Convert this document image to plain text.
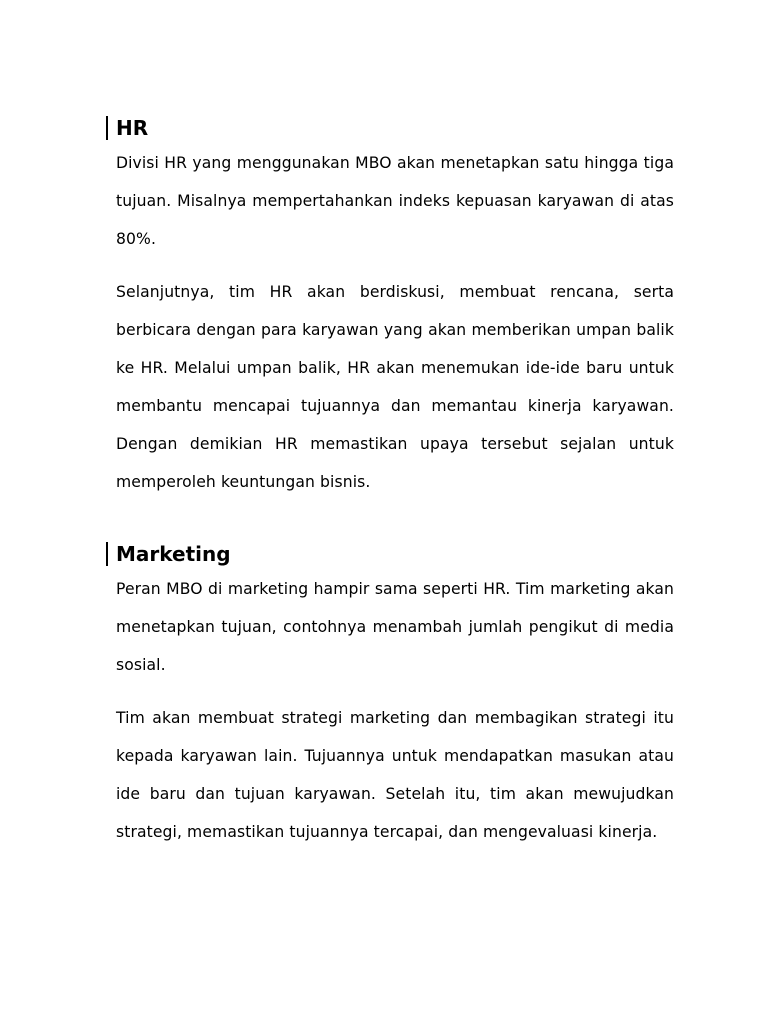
HR

Divisi HR yang menggunakan MBO akan menetapkan satu hingga tiga tujuan. Misalnya mempertahankan indeks kepuasan karyawan di atas 80%.

Selanjutnya, tim HR akan berdiskusi, membuat rencana, serta berbicara dengan para karyawan yang akan memberikan umpan balik ke HR. Melalui umpan balik, HR akan menemukan ide-ide baru untuk membantu mencapai tujuannya dan memantau kinerja karyawan. Dengan demikian HR memastikan upaya tersebut sejalan untuk memperoleh keuntungan bisnis.

Marketing

Peran MBO di marketing hampir sama seperti HR. Tim marketing akan menetapkan tujuan, contohnya menambah jumlah pengikut di media sosial.

Tim akan membuat strategi marketing dan membagikan strategi itu kepada karyawan lain. Tujuannya untuk mendapatkan masukan atau ide baru dan tujuan karyawan. Setelah itu, tim akan mewujudkan strategi, memastikan tujuannya tercapai, dan mengevaluasi kinerja.
